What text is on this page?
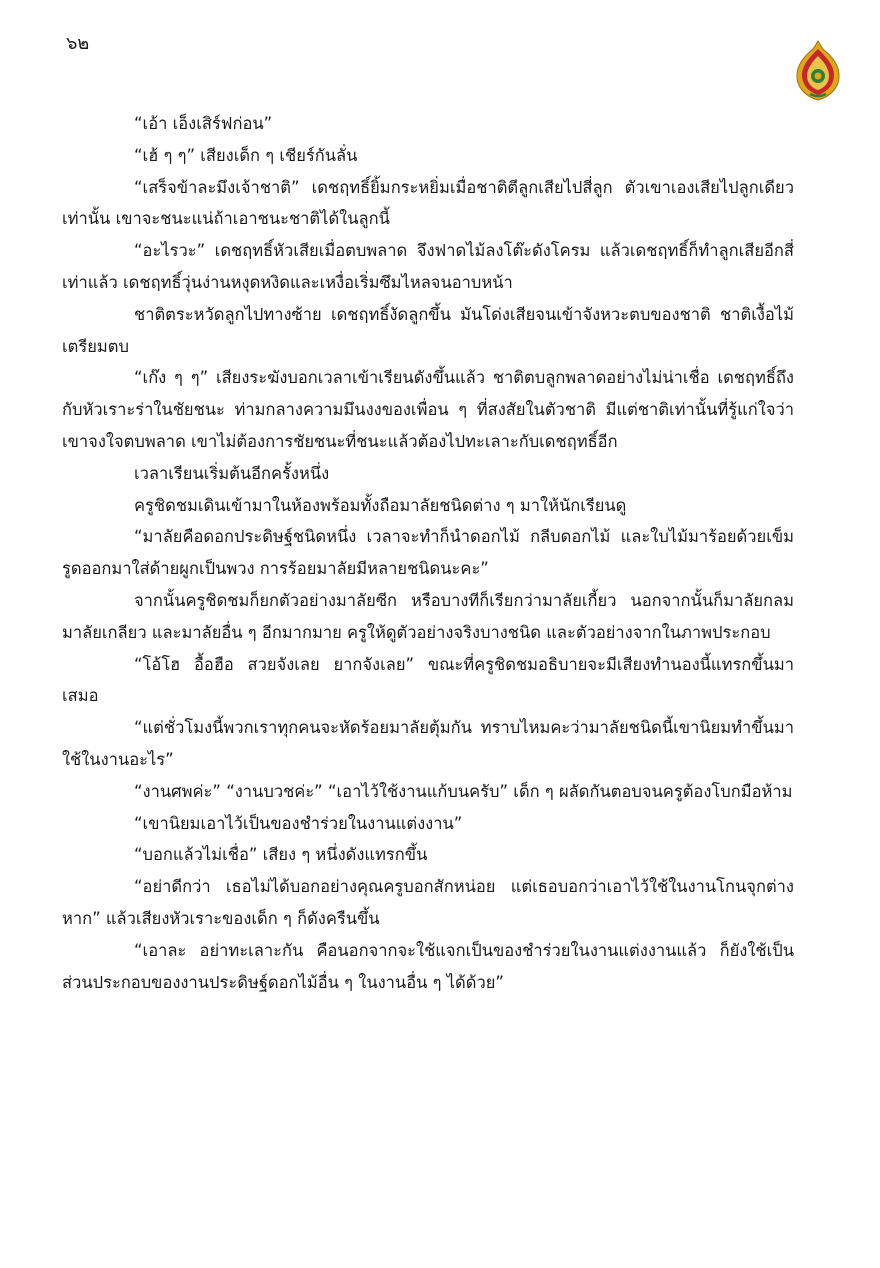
๖๒

“เอ้า เอ็งเสิร์ฟก่อน”

“เฮ้ ๆ ๆ” เสียงเด็ก ๆ เชียร์กันลั่น

“เสร็จข้าละมึงเจ้าชาติ” เดชฤทธิ์ยิ้มกระหยิ่มเมื่อชาติตีลูกเสียไปสี่ลูก ตัวเขาเองเสียไปลูกเดียวเท่านั้น เขาจะชนะแน่ถ้าเอาชนะชาติได้ในลูกนี้

“อะไรวะ” เดชฤทธิ์หัวเสียเมื่อตบพลาด จึงฟาดไม้ลงโต๊ะดังโครม แล้วเดชฤทธิ์ก็ทำลูกเสียอีกสี่เท่าแล้ว เดชฤทธิ์วุ่นง่านหงุดหงิดและเหงื่อเริ่มซึมไหลจนอาบหน้า

ชาติตระหวัดลูกไปทางซ้าย เดชฤทธิ์งัดลูกขึ้น มันโด่งเสียจนเข้าจังหวะตบของชาติ ชาติเงื้อไม้เตรียมตบ

“เก๊ง ๆ ๆ” เสียงระฆังบอกเวลาเข้าเรียนดังขึ้นแล้ว ชาติตบลูกพลาดอย่างไม่น่าเชื่อ เดชฤทธิ์ถึงกับหัวเราะร่าในชัยชนะ ท่ามกลางความมึนงงของเพื่อน ๆ ที่สงสัยในตัวชาติ มีแต่ชาติเท่านั้นที่รู้แก่ใจว่าเขาจงใจตบพลาด เขาไม่ต้องการชัยชนะที่ชนะแล้วต้องไปทะเลาะกับเดชฤทธิ์อีก

เวลาเรียนเริ่มต้นอีกครั้งหนึ่ง

ครูชิดชมเดินเข้ามาในห้องพร้อมทั้งถือมาลัยชนิดต่าง ๆ มาให้นักเรียนดู

“มาลัยคือดอกประดิษฐ์ชนิดหนึ่ง เวลาจะทำก็นำดอกไม้ กลีบดอกไม้ และใบไม้มาร้อยด้วยเข็ม รูดออกมาใส่ด้ายผูกเป็นพวง การร้อยมาลัยมีหลายชนิดนะคะ”

จากนั้นครูชิดชมก็ยกตัวอย่างมาลัยซีก หรือบางทีก็เรียกว่ามาลัยเกี้ยว นอกจากนั้นก็มาลัยกลม มาลัยเกลียว และมาลัยอื่น ๆ อีกมากมาย ครูให้ดูตัวอย่างจริงบางชนิด และตัวอย่างจากในภาพประกอบ

“โอ้โฮ อื้อฮือ สวยจังเลย ยากจังเลย” ขณะที่ครูชิดชมอธิบายจะมีเสียงทำนองนี้แทรกขึ้นมาเสมอ

“แต่ชั่วโมงนี้พวกเราทุกคนจะหัดร้อยมาลัยตุ้มกัน ทราบไหมคะว่ามาลัยชนิดนี้เขานิยมทำขึ้นมาใช้ในงานอะไร”

“งานศพค่ะ” “งานบวชค่ะ” “เอาไว้ใช้งานแก้บนครับ” เด็ก ๆ ผลัดกันตอบจนครูต้องโบกมือห้าม

“เขานิยมเอาไว้เป็นของชำร่วยในงานแต่งงาน”

“บอกแล้วไม่เชื่อ” เสียง ๆ หนึ่งดังแทรกขึ้น

“อย่าดีกว่า เธอไม่ได้บอกอย่างคุณครูบอกสักหน่อย แต่เธอบอกว่าเอาไว้ใช้ในงานโกนจุกต่างหาก” แล้วเสียงหัวเราะของเด็ก ๆ ก็ดังครืนขึ้น

“เอาละ อย่าทะเลาะกัน คือนอกจากจะใช้แจกเป็นของชำร่วยในงานแต่งงานแล้ว ก็ยังใช้เป็นส่วนประกอบของงานประดิษฐ์ดอกไม้อื่น ๆ ในงานอื่น ๆ ได้ด้วย”
